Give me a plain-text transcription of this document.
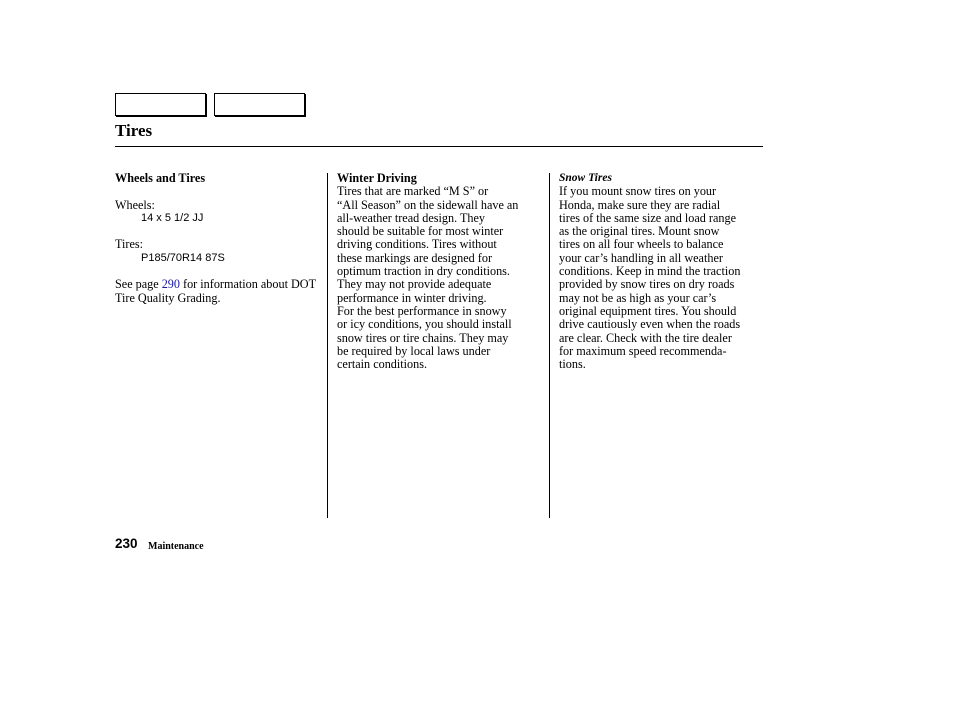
Tires
Wheels and Tires
Wheels:
14 x 5 1/2 JJ
Tires:
P185/70R14 87S
See page 290 for information about DOT Tire Quality Grading.
Winter Driving
Tires that are marked “M S” or
“All Season” on the sidewall have an
all-weather tread design. They
should be suitable for most winter
driving conditions. Tires without
these markings are designed for
optimum traction in dry conditions.
They may not provide adequate
performance in winter driving.
For the best performance in snowy
or icy conditions, you should install
snow tires or tire chains. They may
be required by local laws under
certain conditions.
Snow Tires
If you mount snow tires on your
Honda, make sure they are radial
tires of the same size and load range
as the original tires. Mount snow
tires on all four wheels to balance
your car’s handling in all weather
conditions. Keep in mind the traction
provided by snow tires on dry roads
may not be as high as your car’s
original equipment tires. You should
drive cautiously even when the roads
are clear. Check with the tire dealer
for maximum speed recommenda-
tions.
230 Maintenance
